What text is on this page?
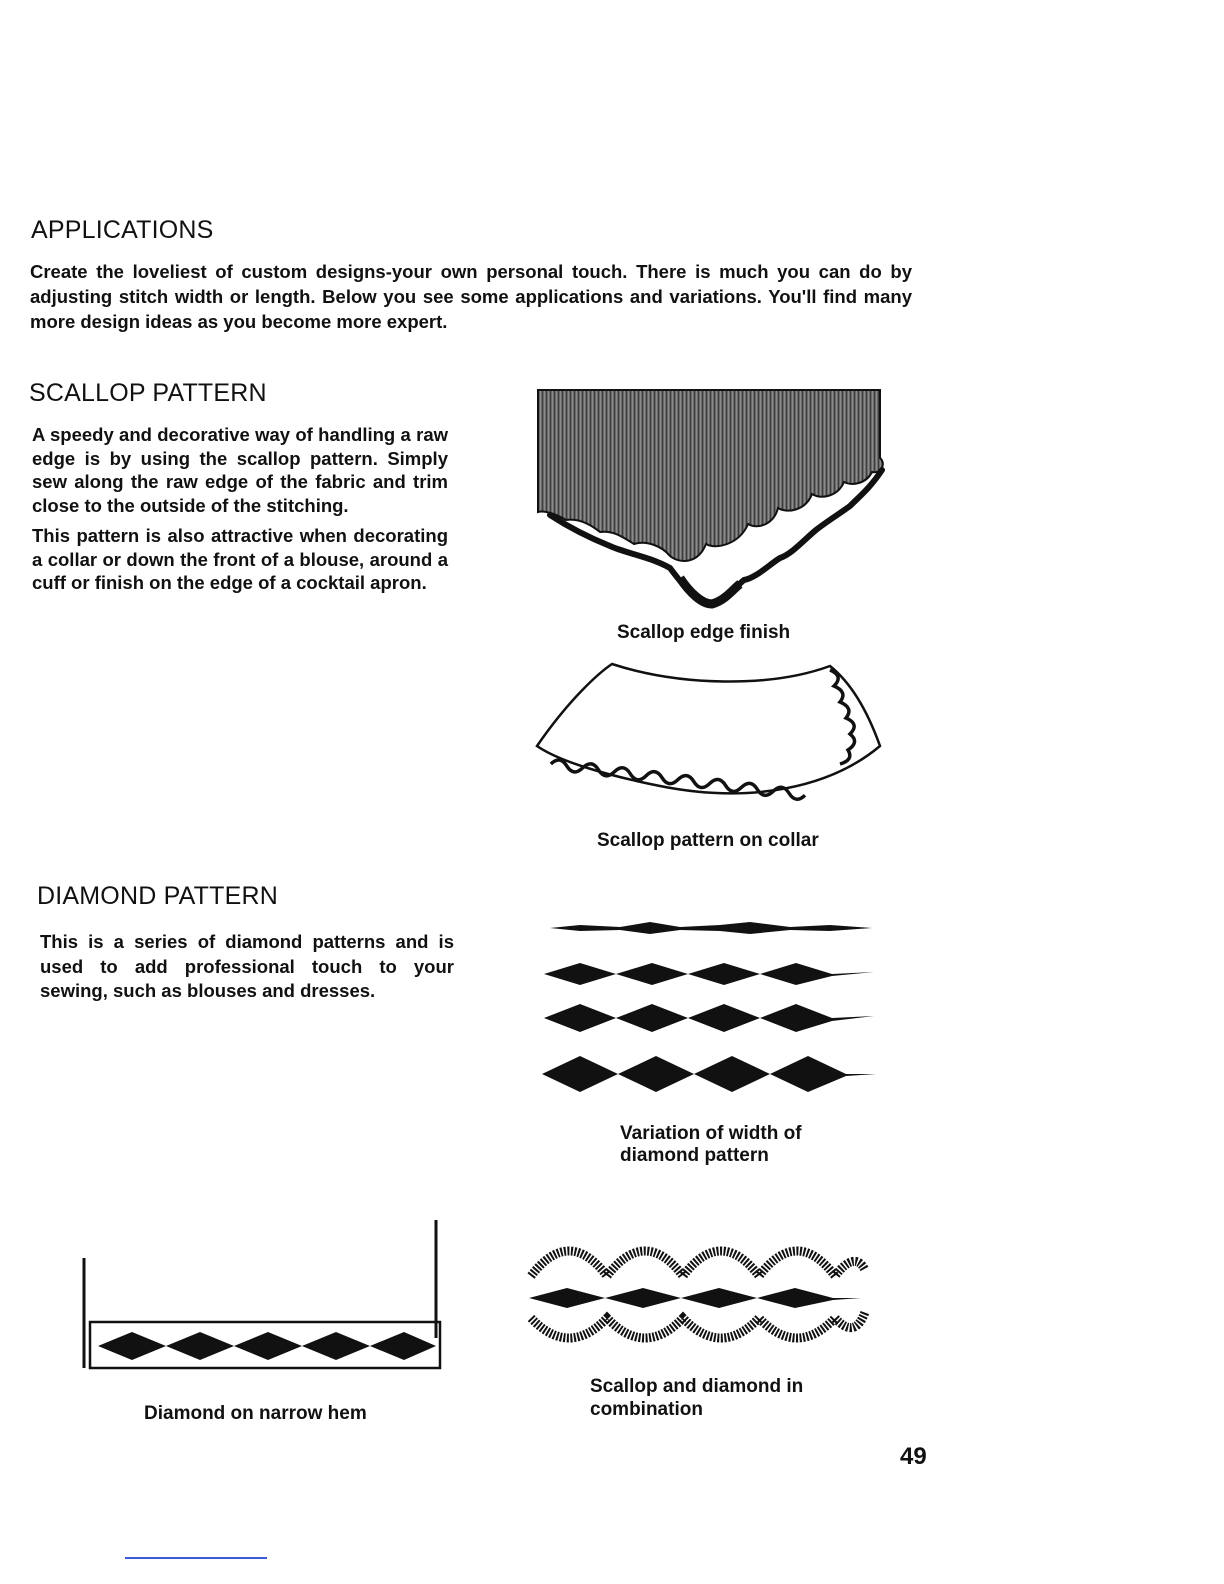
APPLICATIONS

Create the loveliest of custom designs-your own personal touch. There is much you can do by adjusting stitch width or length. Below you see some applications and variations. You'll find many more design ideas as you become more expert.

SCALLOP PATTERN

A speedy and decorative way of handling a raw edge is by using the scallop pattern. Simply sew along the raw edge of the fabric and trim close to the outside of the stitching.

This pattern is also attractive when decorating a collar or down the front of a blouse, around a cuff or finish on the edge of a cocktail apron.

Scallop edge finish

Scallop pattern on collar

DIAMOND PATTERN

This is a series of diamond patterns and is used to add professional touch to your sewing, such as blouses and dresses.

Variation of width of

diamond pattern

Diamond on narrow hem

Scallop and diamond in

combination

49
